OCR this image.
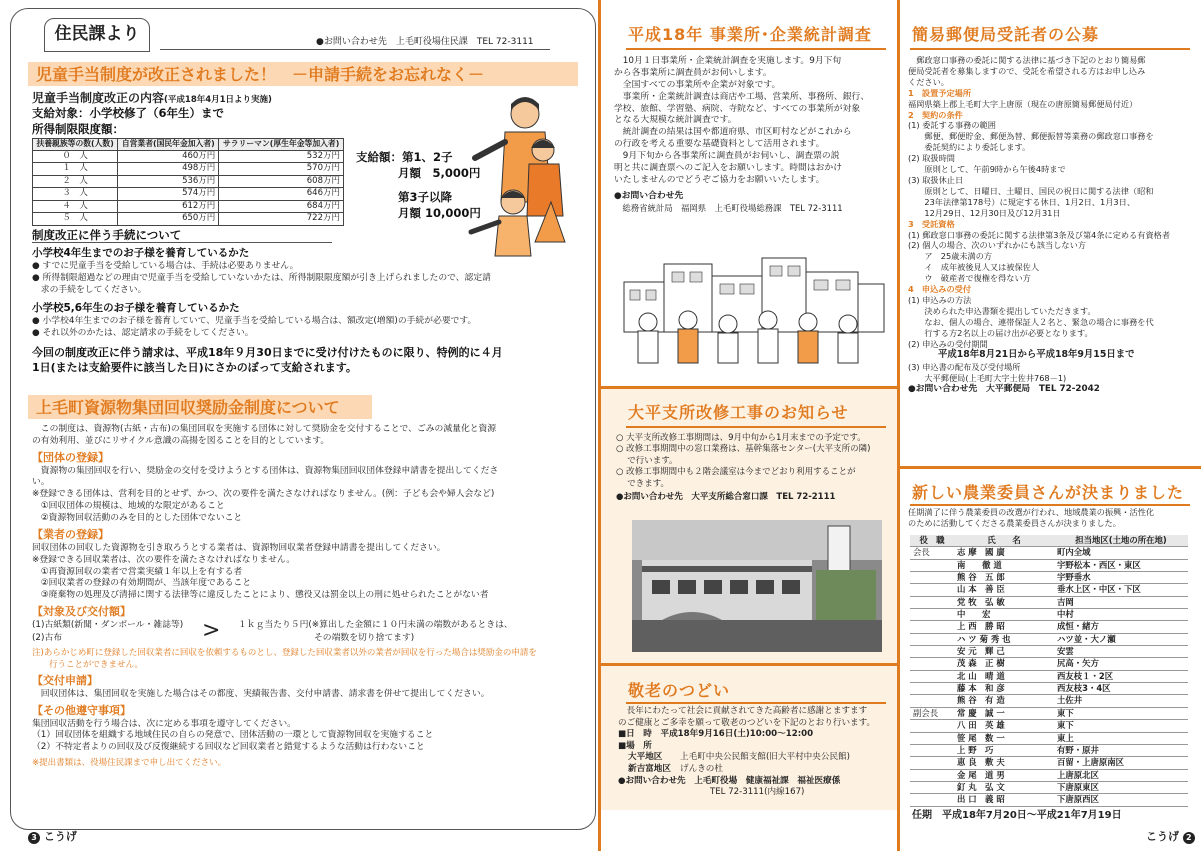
住民課より	●お問い合わせ先　上毛町役場住民課　TEL 72-3111
児童手当制度が改正されました！　－申請手続をお忘れなく－
児童手当制度改正の内容(平成18年4月1日より実施)
支給対象：小学校修了（6年生）まで
所得制限限度額：
扶養親族等の数(人数)	自営業者(国民年金加入者)	サラリーマン(厚生年金等加入者)
０　人	460万円	532万円
１　人	498万円	570万円
２　人	536万円	608万円
３　人	574万円	646万円
４　人	612万円	684万円
５　人	650万円	722万円
支給額：第1、2子
月額　5,000円
第3子以降
月額 10,000円
制度改正に伴う手続について
小学校4年生までのお子様を養育しているかた
● すでに児童手当を受給している場合は、手続は必要ありません。
● 所得制限超過などの理由で児童手当を受給していないかたは、所得制限限度額が引き上げられましたので、認定請
　求の手続をしてください。
小学校5,6年生のお子様を養育しているかた
● 小学校4年生までのお子様を養育していて、児童手当を受給している場合は、額改定(増額)の手続が必要です。
● それ以外のかたは、認定請求の手続をしてください。
今回の制度改正に伴う請求は、平成18年９月30日までに受け付けたものに限り、特例的に４月
1日(または支給要件に該当した日)にさかのぼって支給されます。
上毛町資源物集団回収奨励金制度について
　この制度は、資源物(古紙・古布)の集団回収を実施する団体に対して奨励金を交付することで、ごみの減量化と資源
の有効利用、並びにリサイクル意識の高揚を図ることを目的としています。
【団体の登録】
　資源物の集団回収を行い、奨励金の交付を受けようとする団体は、資源物集団回収団体登録申請書を提出してくださ
い。
※登録できる団体は、営利を目的とせず、かつ、次の要件を満たさなければなりません。(例：子ども会や婦人会など)
　①回収団体の規模は、地域的な限定があること
　②資源物回収活動のみを目的とした団体でないこと
【業者の登録】
回収団体の回収した資源物を引き取ろうとする業者は、資源物回収業者登録申請書を提出してください。
※登録できる回収業者は、次の要件を満たさなければなりません。
　①再資源回収の業者で営業実績１年以上を有する者
　②回収業者の登録の有効期間が、当該年度であること
　③廃棄物の処理及び清掃に関する法律等に違反したことにより、懲役又は罰金以上の刑に処せられたことがない者
【対象及び交付額】
(1)古紙類(新聞・ダンボール・雑誌等)
(2)古布	> １ｋｇ当たり５円(※算出した金額に１０円未満の端数があるときは、
その端数を切り捨てます)
注)あらかじめ町に登録した回収業者に回収を依頼するものとし、登録した回収業者以外の業者が回収を行った場合は奨励金の申請を
　　行うことができません。
【交付申請】
　回収団体は、集団回収を実施した場合はその都度、実績報告書、交付申請書、請求書を併せて提出してください。
【その他遵守事項】
集団回収活動を行う場合は、次に定める事項を遵守してください。
（1）回収団体を組織する地域住民の自らの発意で、団体活動の一環として資源物回収を実施すること
（2）不特定者よりの回収及び反復継続する回収など回収業者と錯覚するような活動は行わないこと
※提出書類は、役場住民課まで申し出てください。
3 こうげ
平成18年 事業所･企業統計調査
　10月１日事業所・企業統計調査を実施します。9月下旬
から各事業所に調査員がお伺いします。
　全国すべての事業所や企業が対象です。
　事業所・企業統計調査は商店や工場、営業所、事務所、銀行、
学校、旅館、学習塾、病院、寺院など、すべての事業所が対象
となる大規模な統計調査です。
　統計調査の結果は国や都道府県、市区町村などがこれから
の行政を考える重要な基礎資料として活用されます。
　9月下旬から各事業所に調査員がお伺いし、調査票の説
明と共に調査票へのご記入をお願いします。時間はおかけ
いたしませんのでどうぞご協力をお願いいたします。
●お問い合わせ先
　総務省統計局　福岡県　上毛町役場総務課　TEL 72-3111
大平支所改修工事のお知らせ
○ 大平支所改修工事期間は、9月中旬から1月末までの予定です。
○ 改修工事期間中の窓口業務は、基幹集落センター(大平支所の隣)
　 で行います。
○ 改修工事期間中も２階会議室は今までどおり利用することが
　 できます。
●お問い合わせ先　大平支所総合窓口課　TEL 72-2111
敬老のつどい
　長年にわたって社会に貢献されてきた高齢者に感謝とますます
のご健康とご多幸を願って敬老のつどいを下記のとおり行います。
■日　時　平成18年9月16日(土)10:00～12:00
■場　所
大平地区 上毛町中央公民館支館(旧大平村中央公民館)
新吉富地区 げんきの杜
●お問い合わせ先　上毛町役場　健康福祉課　福祉医療係
TEL 72-3111(内線167)
簡易郵便局受託者の公募
　郵政窓口事務の委託に関する法律に基づき下記のとおり簡易郵
便局受託者を募集しますので、受託を希望される方はお申し込み
ください。
1　設置予定場所
福岡県築上郡上毛町大字上唐原（現在の唐原簡易郵便局付近）
2　契約の条件
(1) 委託する事務の範囲
　　郵便、郵便貯金、郵便為替、郵便振替等業務の郵政窓口事務を
　　委託契約により委託します。
(2) 取扱時間
　　原則として、午前9時から午後4時まで
(3) 取扱休止日
　　原則として、日曜日、土曜日、国民の祝日に関する法律（昭和
　　23年法律第178号）に規定する休日、1月2日、1月3日、
　　12月29日、12月30日及び12月31日
3　受託資格
(1) 郵政窓口事務の委託に関する法律第3条及び第4条に定める有資格者
(2) 個人の場合、次のいずれかにも該当しない方
　　ア　25歳未満の方
　　イ　成年被後見人又は被保佐人
　　ウ　破産者で復権を得ない方
4　申込みの受付
(1) 申込みの方法
　　決められた申込書類を提出していただきます。
　　なお、個人の場合、連帯保証人２名と、緊急の場合に事務を代
　　行する方2名以上の届け出が必要となります。
(2) 申込みの受付期間
平成18年8月21日から平成18年9月15日まで
(3) 申込書の配布及び受付場所
　　大平郵便局(上毛町大字土佐井768－1)
●お問い合わせ先　大平郵便局　TEL 72-2042
新しい農業委員さんが決まりました
任期満了に伴う農業委員の改選が行われ、地域農業の振興・活性化
のために活動してくださる農業委員さんが決まりました。
役　職	氏　　名	担当地区(土地の所在地)
会長	志 摩　國 廣	町内全域
	南　　徹 道	宇野松本・西区・東区
	熊 谷　五 郎	宇野垂水
	山 本　善 臣	垂水上区・中区・下区
	党 牧　弘 敏	吉岡
	中　　宏	中村
	上 西　勝 昭	成恒・緒方
	ハ ツ 菊 秀 也	ハツ並・大ノ瀬
	安 元　輝 己	安雲
	茂 森　正 樹	尻高・矢方
	北 山　晴 道	西友枝１・2区
	藤 本　和 彦	西友枝3・4区
	熊 谷　有 造	土佐井
副会長	常 慶　誠 一	東下
	八 田　英 雄	東下
	笹 尾　数 一	東上
	上 野　巧	有野・原井
	恵 良　敷 夫	百留・上唐原南区
	金 尾　道 男	上唐原北区
	釘 丸　弘 文	下唐原東区
	出 口　義 昭	下唐原西区
任期　平成18年7月20日～平成21年7月19日
こうげ 2
